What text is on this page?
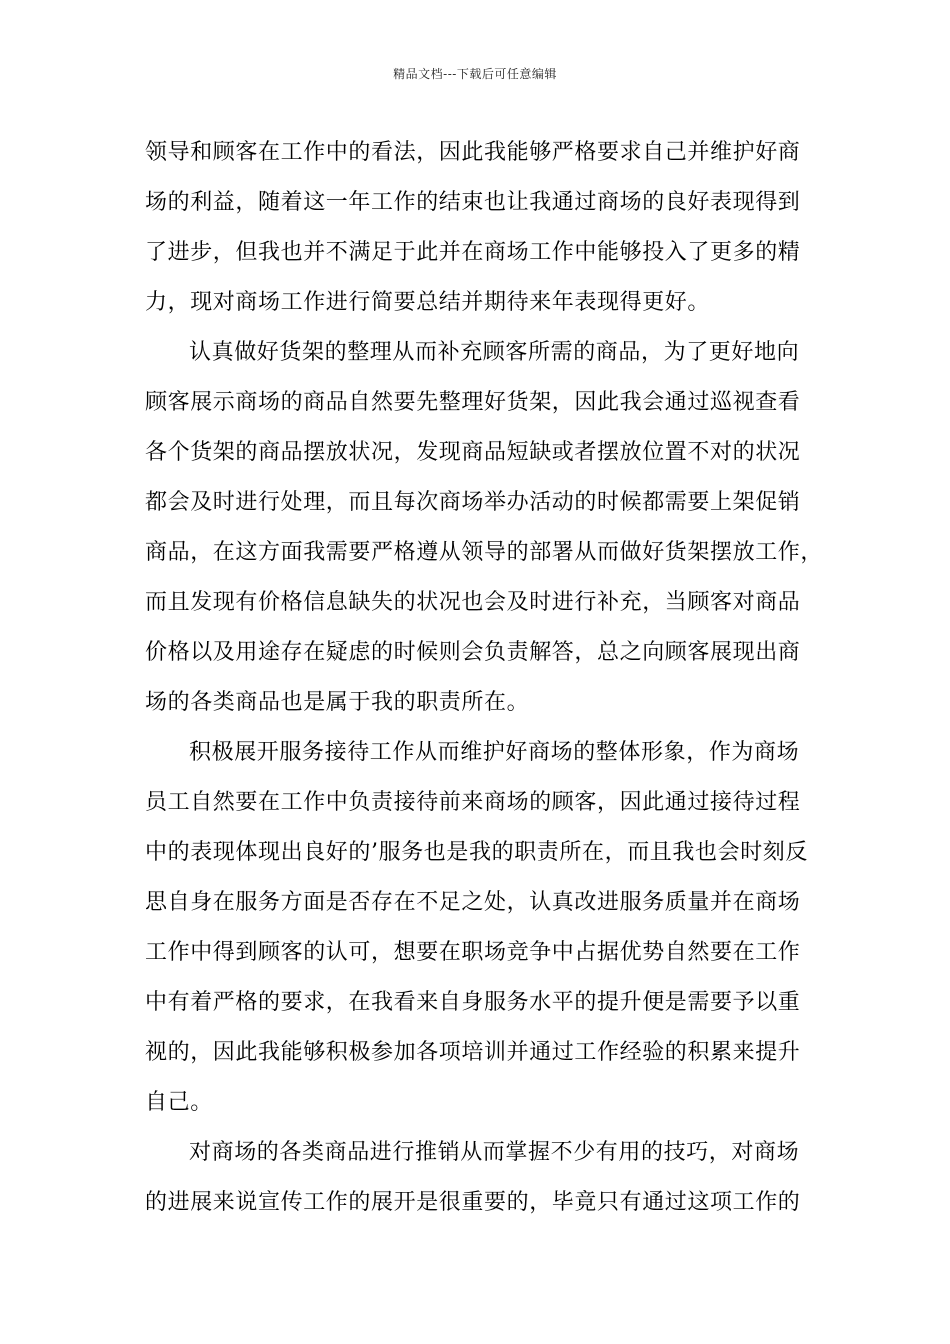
精品文档---下载后可任意编辑
领导和顾客在工作中的看法，因此我能够严格要求自己并维护好商
场的利益，随着这一年工作的结束也让我通过商场的良好表现得到
了进步，但我也并不满足于此并在商场工作中能够投入了更多的精
力，现对商场工作进行简要总结并期待来年表现得更好。
认真做好货架的整理从而补充顾客所需的商品，为了更好地向
顾客展示商场的商品自然要先整理好货架，因此我会通过巡视查看
各个货架的商品摆放状况，发现商品短缺或者摆放位置不对的状况
都会及时进行处理，而且每次商场举办活动的时候都需要上架促销
商品，在这方面我需要严格遵从领导的部署从而做好货架摆放工作，
而且发现有价格信息缺失的状况也会及时进行补充，当顾客对商品
价格以及用途存在疑虑的时候则会负责解答，总之向顾客展现出商
场的各类商品也是属于我的职责所在。
积极展开服务接待工作从而维护好商场的整体形象，作为商场
员工自然要在工作中负责接待前来商场的顾客，因此通过接待过程
中的表现体现出良好的’服务也是我的职责所在，而且我也会时刻反
思自身在服务方面是否存在不足之处，认真改进服务质量并在商场
工作中得到顾客的认可，想要在职场竞争中占据优势自然要在工作
中有着严格的要求，在我看来自身服务水平的提升便是需要予以重
视的，因此我能够积极参加各项培训并通过工作经验的积累来提升
自己。
对商场的各类商品进行推销从而掌握不少有用的技巧，对商场
的进展来说宣传工作的展开是很重要的，毕竟只有通过这项工作的
